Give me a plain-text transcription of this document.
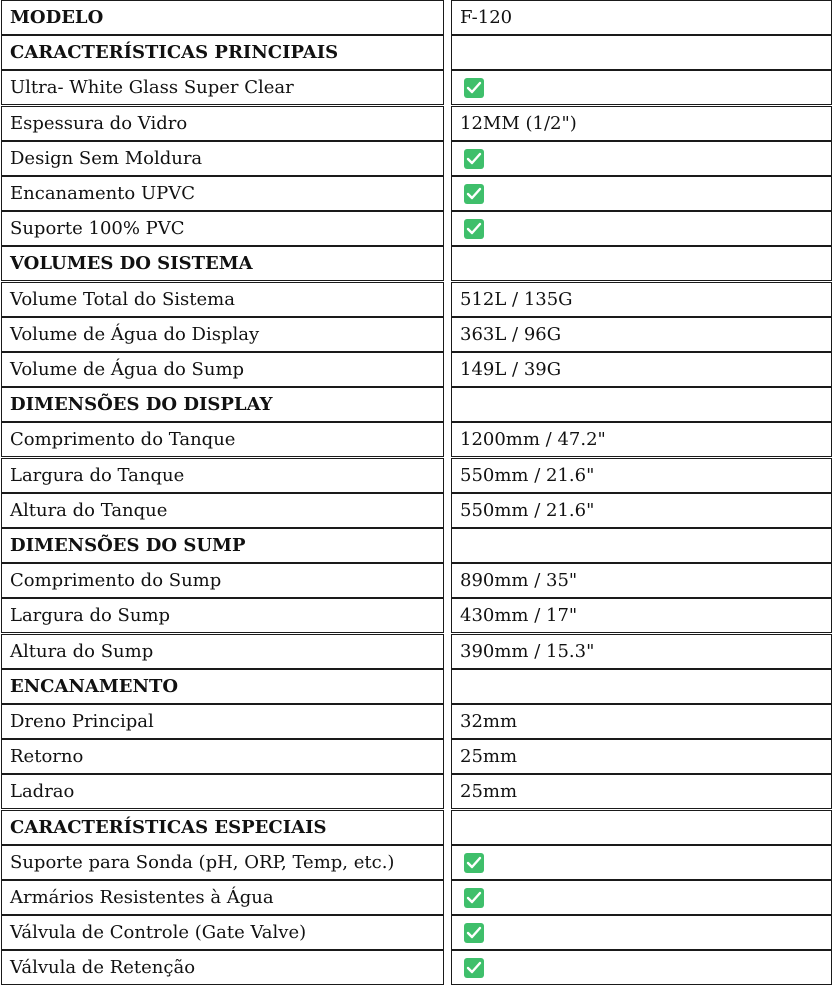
MODELO	F-120
CARACTERÍSTICAS PRINCIPAIS
Ultra- White Glass Super Clear
Espessura do Vidro	12MM (1/2")
Design Sem Moldura
Encanamento UPVC
Suporte 100% PVC
VOLUMES DO SISTEMA
Volume Total do Sistema	512L / 135G
Volume de Água do Display	363L / 96G
Volume de Água do Sump	149L / 39G
DIMENSÕES DO DISPLAY
Comprimento do Tanque	1200mm / 47.2"
Largura do Tanque	550mm / 21.6"
Altura do Tanque	550mm / 21.6"
DIMENSÕES DO SUMP
Comprimento do Sump	890mm / 35"
Largura do Sump	430mm / 17"
Altura do Sump	390mm / 15.3"
ENCANAMENTO
Dreno Principal	32mm
Retorno	25mm
Ladrao	25mm
CARACTERÍSTICAS ESPECIAIS
Suporte para Sonda (pH, ORP, Temp, etc.)
Armários Resistentes à Água
Válvula de Controle (Gate Valve)
Válvula de Retenção
